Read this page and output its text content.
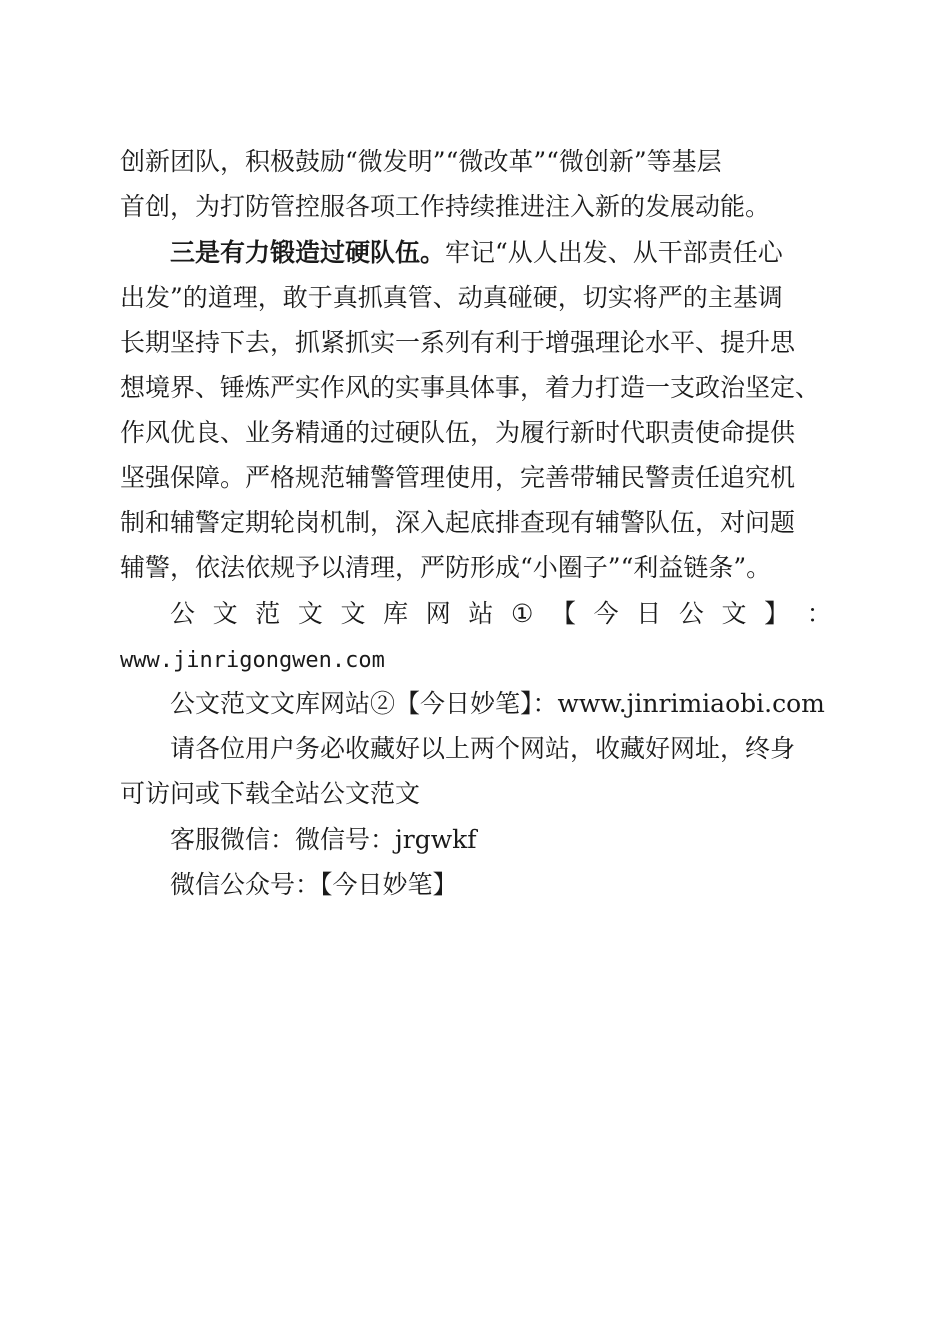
创新团队，积极鼓励“微发明”“微改革”“微创新”等基层
首创，为打防管控服各项工作持续推进注入新的发展动能。
三是有力锻造过硬队伍。牢记“从人出发、从干部责任心
出发”的道理，敢于真抓真管、动真碰硬，切实将严的主基调
长期坚持下去，抓紧抓实一系列有利于增强理论水平、提升思
想境界、锤炼严实作风的实事具体事，着力打造一支政治坚定、
作风优良、业务精通的过硬队伍，为履行新时代职责使命提供
坚强保障。严格规范辅警管理使用，完善带辅民警责任追究机
制和辅警定期轮岗机制，深入起底排查现有辅警队伍，对问题
辅警，依法依规予以清理，严防形成“小圈子”“利益链条”。
公 文 范 文 文 库 网 站 ① 【 今 日 公 文 】 ：
www.jinrigongwen.com
公文范文文库网站②【今日妙笔】：www.jinrimiaobi.com
请各位用户务必收藏好以上两个网站，收藏好网址，终身
可访问或下载全站公文范文
客服微信：微信号：jrgwkf
微信公众号：【今日妙笔】
